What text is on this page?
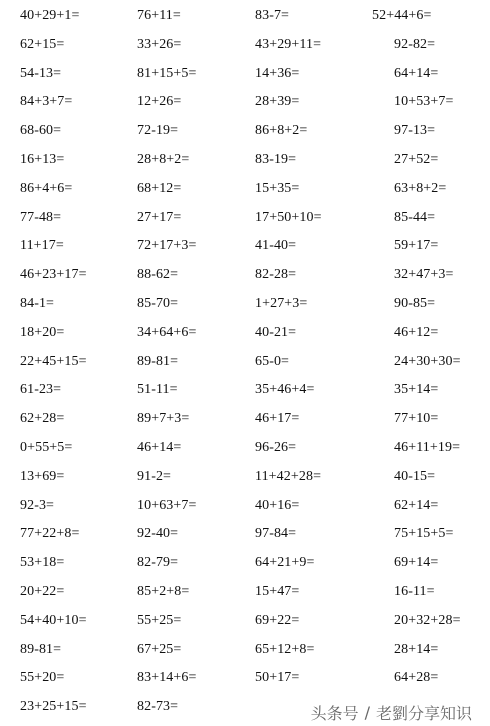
40+29+1=	76+11=	83-7=	52+44+6=
62+15=	33+26=	43+29+11=	92-82=
54-13=	81+15+5=	14+36=	64+14=
84+3+7=	12+26=	28+39=	10+53+7=
68-60=	72-19=	86+8+2=	97-13=
16+13=	28+8+2=	83-19=	27+52=
86+4+6=	68+12=	15+35=	63+8+2=
77-48=	27+17=	17+50+10=	85-44=
11+17=	72+17+3=	41-40=	59+17=
46+23+17=	88-62=	82-28=	32+47+3=
84-1=	85-70=	1+27+3=	90-85=
18+20=	34+64+6=	40-21=	46+12=
22+45+15=	89-81=	65-0=	24+30+30=
61-23=	51-11=	35+46+4=	35+14=
62+28=	89+7+3=	46+17=	77+10=
0+55+5=	46+14=	96-26=	46+11+19=
13+69=	91-2=	11+42+28=	40-15=
92-3=	10+63+7=	40+16=	62+14=
77+22+8=	92-40=	97-84=	75+15+5=
53+18=	82-79=	64+21+9=	69+14=
20+22=	85+2+8=	15+47=	16-11=
54+40+10=	55+25=	69+22=	20+32+28=
89-81=	67+25=	65+12+8=	28+14=
55+20=	83+14+6=	50+17=	64+28=
23+25+15=	82-73=	头条号 / 老劉分享知识
